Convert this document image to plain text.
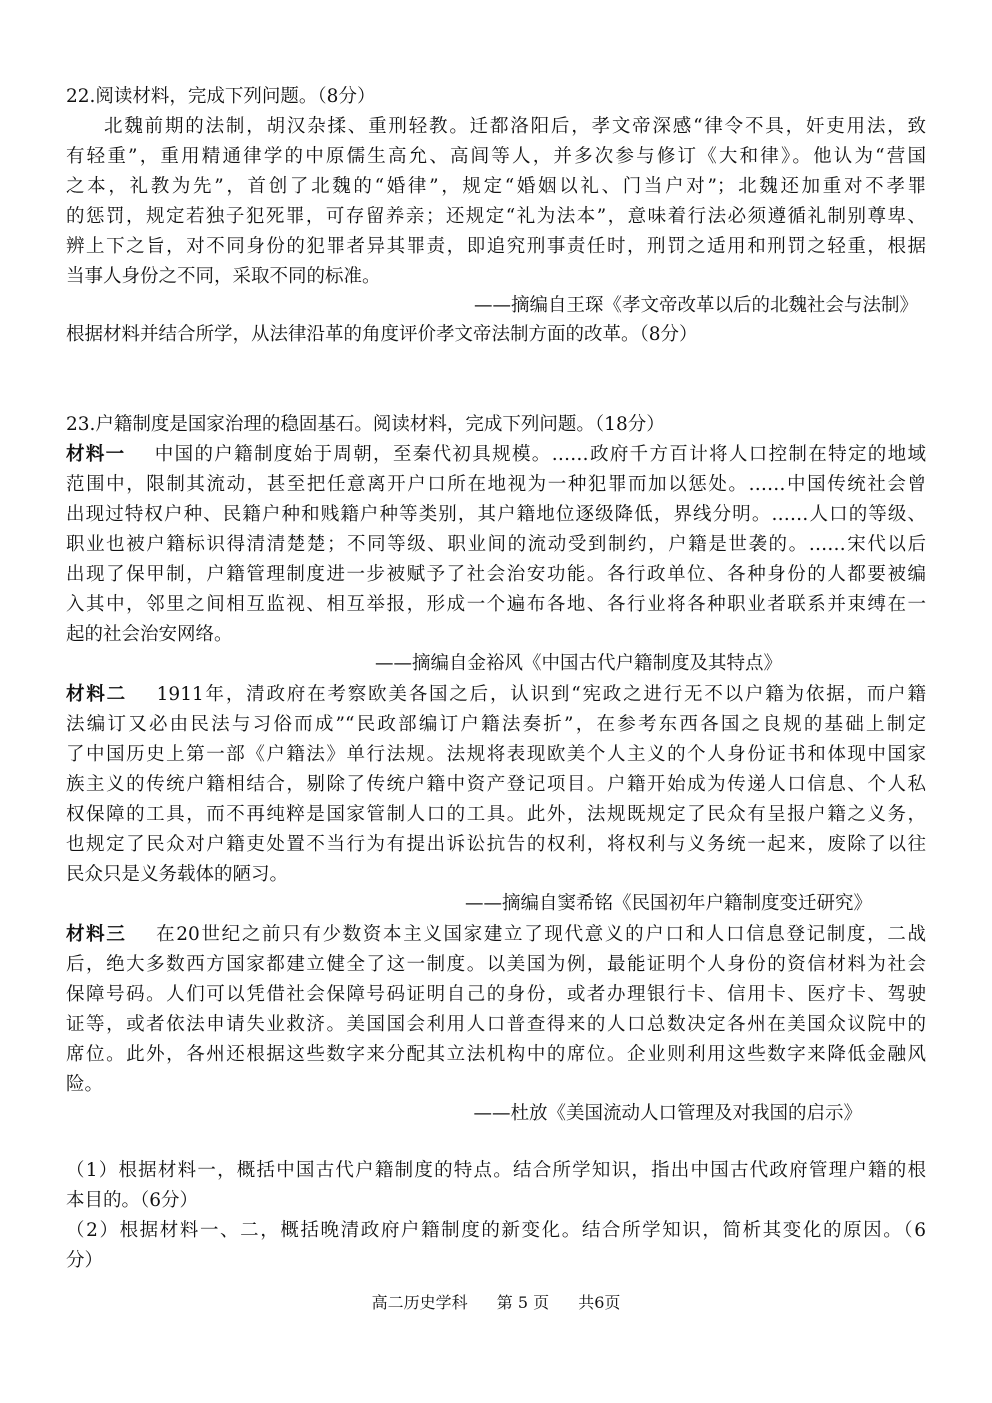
22.阅读材料，完成下列问题。（8分）
北魏前期的法制，胡汉杂揉、重刑轻教。迁都洛阳后，孝文帝深感“律令不具，奸吏用法，致
有轻重”，重用精通律学的中原儒生高允、高闾等人，并多次参与修订《大和律》。他认为“营国
之本，礼教为先”，首创了北魏的“婚律”，规定“婚姻以礼、门当户对”；北魏还加重对不孝罪
的惩罚，规定若独子犯死罪，可存留养亲；还规定“礼为法本”，意味着行法必须遵循礼制别尊卑、
辨上下之旨，对不同身份的犯罪者异其罪责，即追究刑事责任时，刑罚之适用和刑罚之轻重，根据
当事人身份之不同，采取不同的标准。
——摘编自王琛《孝文帝改革以后的北魏社会与法制》
根据材料并结合所学，从法律沿革的角度评价孝文帝法制方面的改革。（8分）
23.户籍制度是国家治理的稳固基石。阅读材料，完成下列问题。（18分）
材料一 中国的户籍制度始于周朝，至秦代初具规模。……政府千方百计将人口控制在特定的地域
范围中，限制其流动，甚至把任意离开户口所在地视为一种犯罪而加以惩处。……中国传统社会曾
出现过特权户种、民籍户种和贱籍户种等类别，其户籍地位逐级降低，界线分明。……人口的等级、
职业也被户籍标识得清清楚楚；不同等级、职业间的流动受到制约，户籍是世袭的。……宋代以后
出现了保甲制，户籍管理制度进一步被赋予了社会治安功能。各行政单位、各种身份的人都要被编
入其中，邻里之间相互监视、相互举报，形成一个遍布各地、各行业将各种职业者联系并束缚在一
起的社会治安网络。
——摘编自金裕风《中国古代户籍制度及其特点》
材料二 1911年，清政府在考察欧美各国之后，认识到“宪政之进行无不以户籍为依据，而户籍
法编订又必由民法与习俗而成”“民政部编订户籍法奏折”，在参考东西各国之良规的基础上制定
了中国历史上第一部《户籍法》单行法规。法规将表现欧美个人主义的个人身份证书和体现中国家
族主义的传统户籍相结合，剔除了传统户籍中资产登记项目。户籍开始成为传递人口信息、个人私
权保障的工具，而不再纯粹是国家管制人口的工具。此外，法规既规定了民众有呈报户籍之义务，
也规定了民众对户籍吏处置不当行为有提出诉讼抗告的权利，将权利与义务统一起来，废除了以往
民众只是义务载体的陋习。
——摘编自窦希铭《民国初年户籍制度变迁研究》
材料三 在20世纪之前只有少数资本主义国家建立了现代意义的户口和人口信息登记制度，二战
后，绝大多数西方国家都建立健全了这一制度。以美国为例，最能证明个人身份的资信材料为社会
保障号码。人们可以凭借社会保障号码证明自己的身份，或者办理银行卡、信用卡、医疗卡、驾驶
证等，或者依法申请失业救济。美国国会利用人口普查得来的人口总数决定各州在美国众议院中的
席位。此外，各州还根据这些数字来分配其立法机构中的席位。企业则利用这些数字来降低金融风
险。
——杜放《美国流动人口管理及对我国的启示》
（1）根据材料一，概括中国古代户籍制度的特点。结合所学知识，指出中国古代政府管理户籍的根
本目的。（6分）
（2）根据材料一、二，概括晚清政府户籍制度的新变化。结合所学知识，简析其变化的原因。（6
分）
高二历史学科 第 5 页 共6页
